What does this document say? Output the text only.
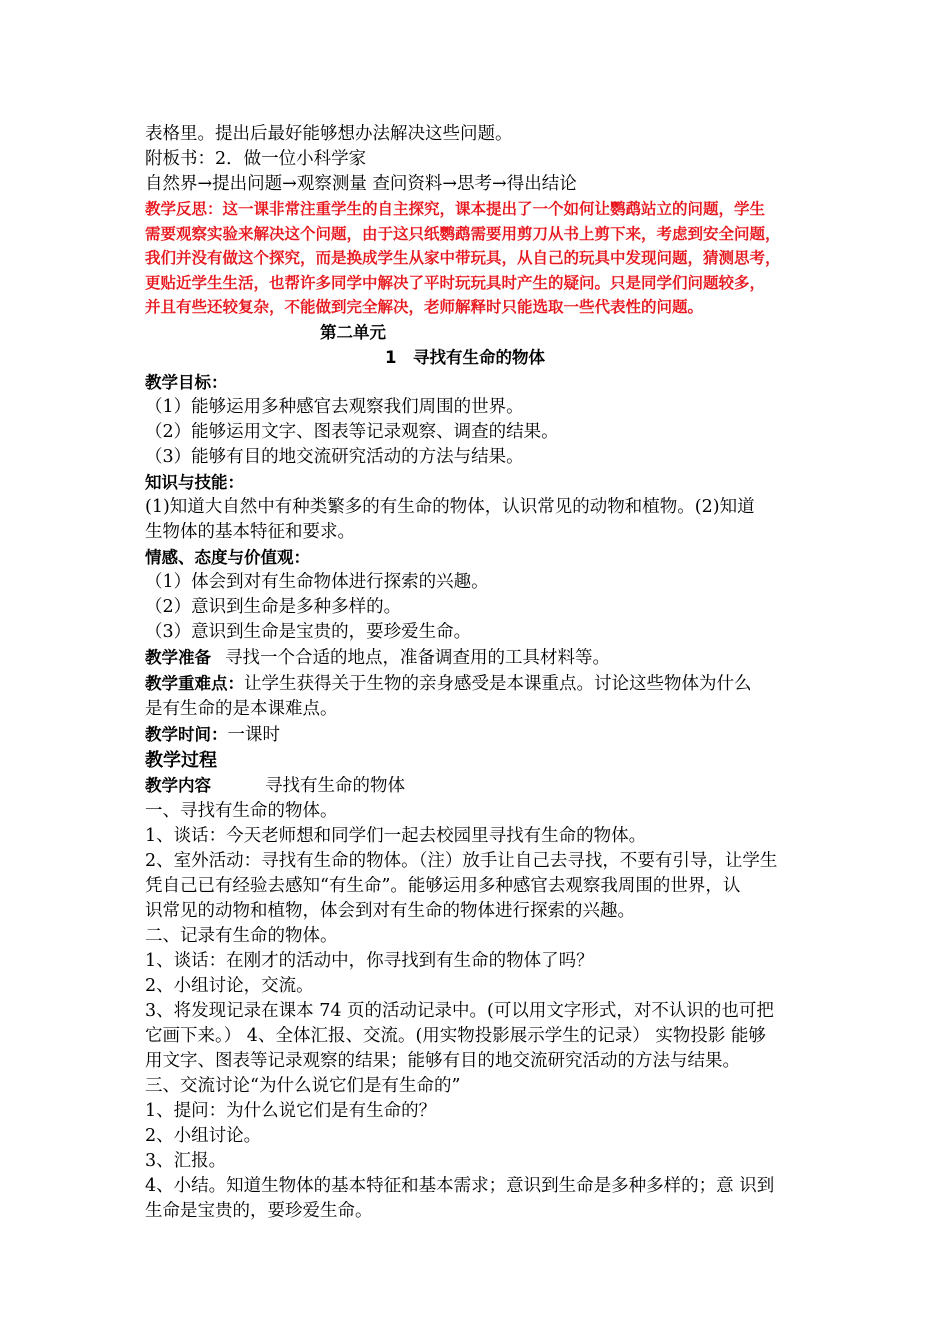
表格里。提出后最好能够想办法解决这些问题。
附板书：2．做一位小科学家
自然界→提出问题→观察测量 查问资料→思考→得出结论
教学反思：这一课非常注重学生的自主探究，课本提出了一个如何让鹦鹉站立的问题，学生
需要观察实验来解决这个问题，由于这只纸鹦鹉需要用剪刀从书上剪下来，考虑到安全问题，
我们并没有做这个探究，而是换成学生从家中带玩具，从自己的玩具中发现问题，猜测思考，
更贴近学生生活，也帮许多同学中解决了平时玩玩具时产生的疑问。只是同学们问题较多，
并且有些还较复杂，不能做到完全解决，老师解释时只能选取一些代表性的问题。
第二单元
1　寻找有生命的物体
教学目标：
（1）能够运用多种感官去观察我们周围的世界。
（2）能够运用文字、图表等记录观察、调查的结果。
（3）能够有目的地交流研究活动的方法与结果。
知识与技能：
(1)知道大自然中有种类繁多的有生命的物体，认识常见的动物和植物。(2)知道
生物体的基本特征和要求。
情感、态度与价值观：
（1）体会到对有生命物体进行探索的兴趣。
（2）意识到生命是多种多样的。
（3）意识到生命是宝贵的，要珍爱生命。
教学准备 寻找一个合适的地点，准备调查用的工具材料等。
教学重难点：让学生获得关于生物的亲身感受是本课重点。讨论这些物体为什么
是有生命的是本课难点。
教学时间：一课时
教学过程
教学内容	寻找有生命的物体
一、寻找有生命的物体。
1、谈话：今天老师想和同学们一起去校园里寻找有生命的物体。
2、室外活动：寻找有生命的物体。（注）放手让自己去寻找，不要有引导，让学生
凭自己已有经验去感知“有生命”。能够运用多种感官去观察我周围的世界，认
识常见的动物和植物，体会到对有生命的物体进行探索的兴趣。
二、记录有生命的物体。
1、谈话：在刚才的活动中，你寻找到有生命的物体了吗？
2、小组讨论，交流。
3、将发现记录在课本 74 页的活动记录中。(可以用文字形式，对不认识的也可把
它画下来。） 4、全体汇报、交流。(用实物投影展示学生的记录） 实物投影 能够
用文字、图表等记录观察的结果；能够有目的地交流研究活动的方法与结果。
三、交流讨论“为什么说它们是有生命的”
1、提问：为什么说它们是有生命的？
2、小组讨论。
3、汇报。
4、小结。知道生物体的基本特征和基本需求；意识到生命是多种多样的；意 识到
生命是宝贵的，要珍爱生命。
